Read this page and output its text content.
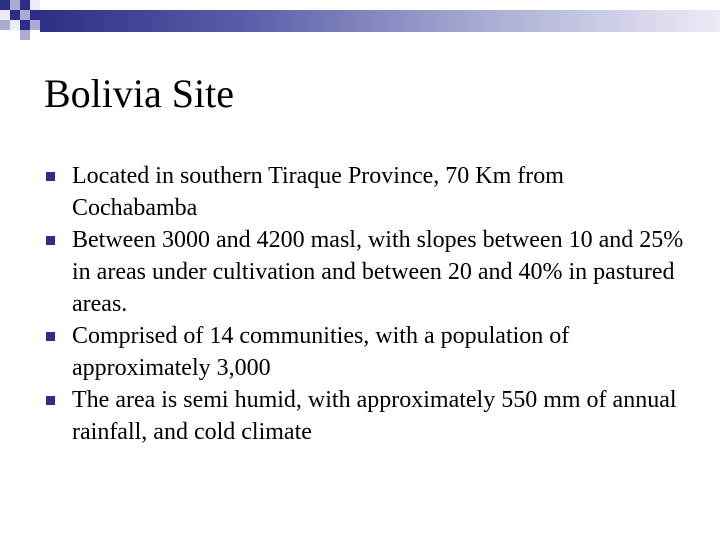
Bolivia Site
Located in southern Tiraque Province, 70 Km from Cochabamba
Between 3000 and 4200 masl, with slopes between 10 and 25% in areas under cultivation and between 20 and 40% in pastured areas.
Comprised of 14 communities, with a population of approximately 3,000
The area is semi humid, with approximately 550 mm of annual rainfall, and cold climate
